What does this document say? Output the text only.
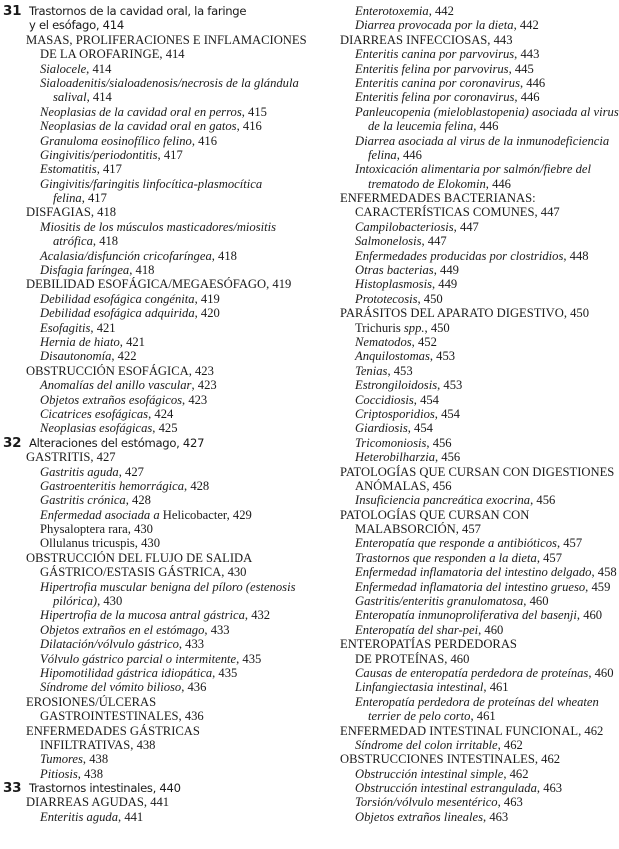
31 Trastornos de la cavidad oral, la faringe
y el esófago, 414
MASAS, PROLIFERACIONES E INFLAMACIONES
DE LA OROFARINGE, 414
Sialocele, 414
Sialoadenitis/sialoadenosis/necrosis de la glándula
salival, 414
Neoplasias de la cavidad oral en perros, 415
Neoplasias de la cavidad oral en gatos, 416
Granuloma eosinofílico felino, 416
Gingivitis/periodontitis, 417
Estomatitis, 417
Gingivitis/faringitis linfocítica-plasmocítica
felina, 417
DISFAGIAS, 418
Miositis de los músculos masticadores/miositis
atrófica, 418
Acalasia/disfunción cricofaríngea, 418
Disfagia faríngea, 418
DEBILIDAD ESOFÁGICA/MEGAESÓFAGO, 419
Debilidad esofágica congénita, 419
Debilidad esofágica adquirida, 420
Esofagitis, 421
Hernia de hiato, 421
Disautonomía, 422
OBSTRUCCIÓN ESOFÁGICA, 423
Anomalías del anillo vascular, 423
Objetos extraños esofágicos, 423
Cicatrices esofágicas, 424
Neoplasias esofágicas, 425
32 Alteraciones del estómago, 427
GASTRITIS, 427
Gastritis aguda, 427
Gastroenteritis hemorrágica, 428
Gastritis crónica, 428
Enfermedad asociada a Helicobacter, 429
Physaloptera rara, 430
Ollulanus tricuspis, 430
OBSTRUCCIÓN DEL FLUJO DE SALIDA
GÁSTRICO/ESTASIS GÁSTRICA, 430
Hipertrofia muscular benigna del píloro (estenosis
pilórica), 430
Hipertrofia de la mucosa antral gástrica, 432
Objetos extraños en el estómago, 433
Dilatación/vólvulo gástrico, 433
Vólvulo gástrico parcial o intermitente, 435
Hipomotilidad gástrica idiopática, 435
Síndrome del vómito bilioso, 436
EROSIONES/ÚLCERAS
GASTROINTESTINALES, 436
ENFERMEDADES GÁSTRICAS
INFILTRATIVAS, 438
Tumores, 438
Pitiosis, 438
33 Trastornos intestinales, 440
DIARREAS AGUDAS, 441
Enteritis aguda, 441
Enterotoxemia, 442
Diarrea provocada por la dieta, 442
DIARREAS INFECCIOSAS, 443
Enteritis canina por parvovirus, 443
Enteritis felina por parvovirus, 445
Enteritis canina por coronavirus, 446
Enteritis felina por coronavirus, 446
Panleucopenia (mieloblastopenia) asociada al virus
de la leucemia felina, 446
Diarrea asociada al virus de la inmunodeficiencia
felina, 446
Intoxicación alimentaria por salmón/fiebre del
trematodo de Elokomin, 446
ENFERMEDADES BACTERIANAS:
CARACTERÍSTICAS COMUNES, 447
Campilobacteriosis, 447
Salmonelosis, 447
Enfermedades producidas por clostridios, 448
Otras bacterias, 449
Histoplasmosis, 449
Prototecosis, 450
PARÁSITOS DEL APARATO DIGESTIVO, 450
Trichuris spp., 450
Nematodos, 452
Anquilostomas, 453
Tenias, 453
Estrongiloidosis, 453
Coccidiosis, 454
Criptosporidios, 454
Giardiosis, 454
Tricomoniosis, 456
Heterobilharzia, 456
PATOLOGÍAS QUE CURSAN CON DIGESTIONES
ANÓMALAS, 456
Insuficiencia pancreática exocrina, 456
PATOLOGÍAS QUE CURSAN CON
MALABSORCIÓN, 457
Enteropatía que responde a antibióticos, 457
Trastornos que responden a la dieta, 457
Enfermedad inflamatoria del intestino delgado, 458
Enfermedad inflamatoria del intestino grueso, 459
Gastritis/enteritis granulomatosa, 460
Enteropatía inmunoproliferativa del basenji, 460
Enteropatía del shar-pei, 460
ENTEROPATÍAS PERDEDORAS
DE PROTEÍNAS, 460
Causas de enteropatía perdedora de proteínas, 460
Linfangiectasia intestinal, 461
Enteropatía perdedora de proteínas del wheaten
terrier de pelo corto, 461
ENFERMEDAD INTESTINAL FUNCIONAL, 462
Síndrome del colon irritable, 462
OBSTRUCCIONES INTESTINALES, 462
Obstrucción intestinal simple, 462
Obstrucción intestinal estrangulada, 463
Torsión/vólvulo mesentérico, 463
Objetos extraños lineales, 463
